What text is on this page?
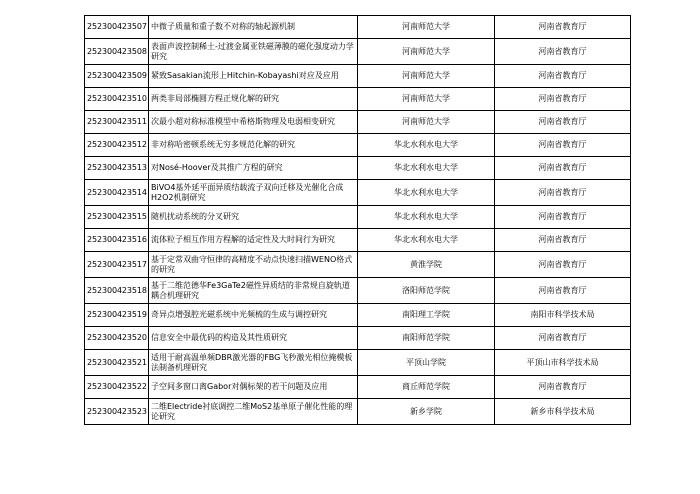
252300423507	中微子质量和重子数不对称的轴起源机制	河南师范大学	河南省教育厅
252300423508	表面声波控制稀土-过渡金属亚铁磁薄膜的磁化强度动力学研究	河南师范大学	河南省教育厅
252300423509	紧致Sasakian流形上Hitchin-Kobayashi对应及应用	河南师范大学	河南省教育厅
252300423510	两类非局部椭圆方程正规化解的研究	河南师范大学	河南省教育厅
252300423511	次最小超对称标准模型中希格斯物理及电弱相变研究	河南师范大学	河南省教育厅
252300423512	非对称哈密顿系统无穷多规范化解的研究	华北水利水电大学	河南省教育厅
252300423513	对Nosé-Hoover及其推广方程的研究	华北水利水电大学	河南省教育厅
252300423514	BiVO4基外延平面异质结载流子双向迁移及光催化合成H2O2机制研究	华北水利水电大学	河南省教育厅
252300423515	随机扰动系统的分叉研究	华北水利水电大学	河南省教育厅
252300423516	流体粒子相互作用方程解的适定性及大时间行为研究	华北水利水电大学	河南省教育厅
252300423517	基于定常双曲守恒律的高精度不动点快速扫描WENO格式的研究	黄淮学院	河南省教育厅
252300423518	基于二维范德华Fe3GaTe2磁性异质结的非常规自旋轨道耦合机理研究	洛阳师范学院	河南省教育厅
252300423519	奇异点增强腔光磁系统中光频梳的生成与调控研究	南阳理工学院	南阳市科学技术局
252300423520	信息安全中最优码的构造及其性质研究	南阳师范学院	河南省教育厅
252300423521	适用于耐高温单频DBR激光器的FBG飞秒激光相位掩模板法制备机理研究	平顶山学院	平顶山市科学技术局
252300423522	子空间多窗口离Gabor对偶标架的若干问题及应用	商丘师范学院	河南省教育厅
252300423523	二维Electride衬底调控二维MoS2基单原子催化性能的理论研究	新乡学院	新乡市科学技术局
